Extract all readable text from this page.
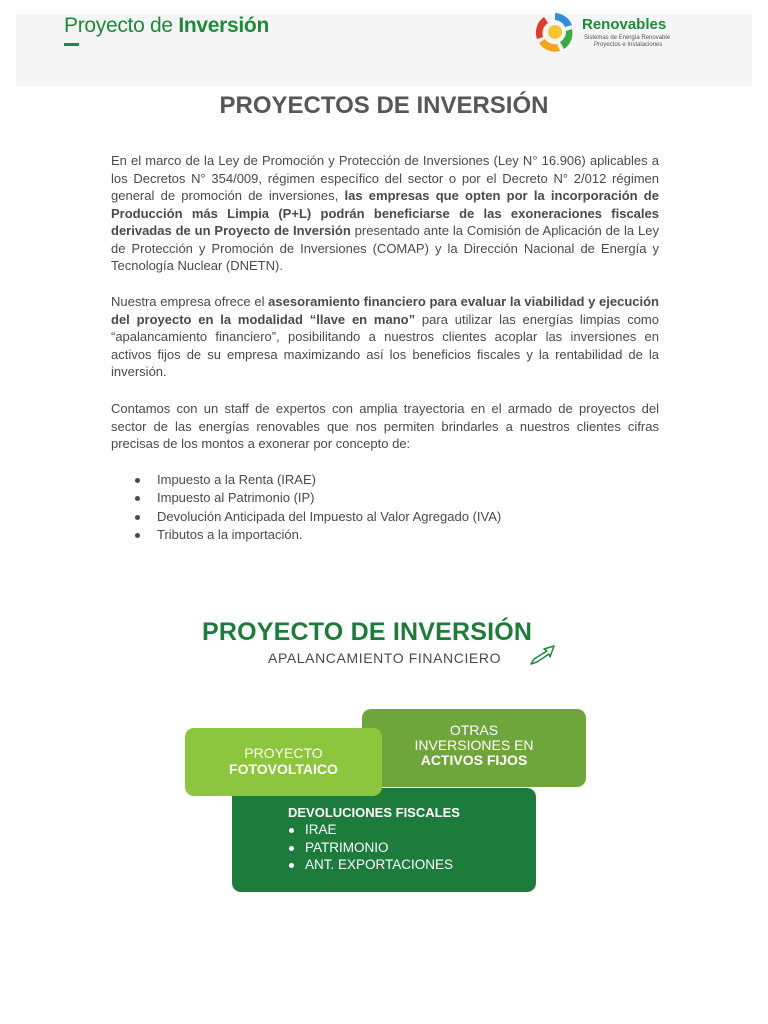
Proyecto de Inversión	Renovables
Sistemas de Energía Renovable
Proyectos e Instalaciones
PROYECTOS DE INVERSIÓN
En el marco de la Ley de Promoción y Protección de Inversiones (Ley N° 16.906) aplicables a los Decretos N° 354/009, régimen específico del sector o por el Decreto N° 2/012 régimen general de promoción de inversiones, las empresas que opten por la incorporación de Producción más Limpia (P+L) podrán beneficiarse de las exoneraciones fiscales derivadas de un Proyecto de Inversión presentado ante la Comisión de Aplicación de la Ley de Protección y Promoción de Inversiones (COMAP) y la Dirección Nacional de Energía y Tecnología Nuclear (DNETN).
Nuestra empresa ofrece el asesoramiento financiero para evaluar la viabilidad y ejecución del proyecto en la modalidad “llave en mano” para utilizar las energías limpias como “apalancamiento financiero”, posibilitando a nuestros clientes acoplar las inversiones en activos fijos de su empresa maximizando así los beneficios fiscales y la rentabilidad de la inversión.
Contamos con un staff de expertos con amplia trayectoria en el armado de proyectos del sector de las energías renovables que nos permiten brindarles a nuestros clientes cifras precisas de los montos a exonerar por concepto de:
Impuesto a la Renta (IRAE)
Impuesto al Patrimonio (IP)
Devolución Anticipada del Impuesto al Valor Agregado (IVA)
Tributos a la importación.
PROYECTO DE INVERSIÓN
APALANCAMIENTO FINANCIERO
OTRAS
INVERSIONES EN
ACTIVOS FIJOS
PROYECTO
FOTOVOLTAICO
DEVOLUCIONES FISCALES
IRAE
PATRIMONIO
ANT. EXPORTACIONES
